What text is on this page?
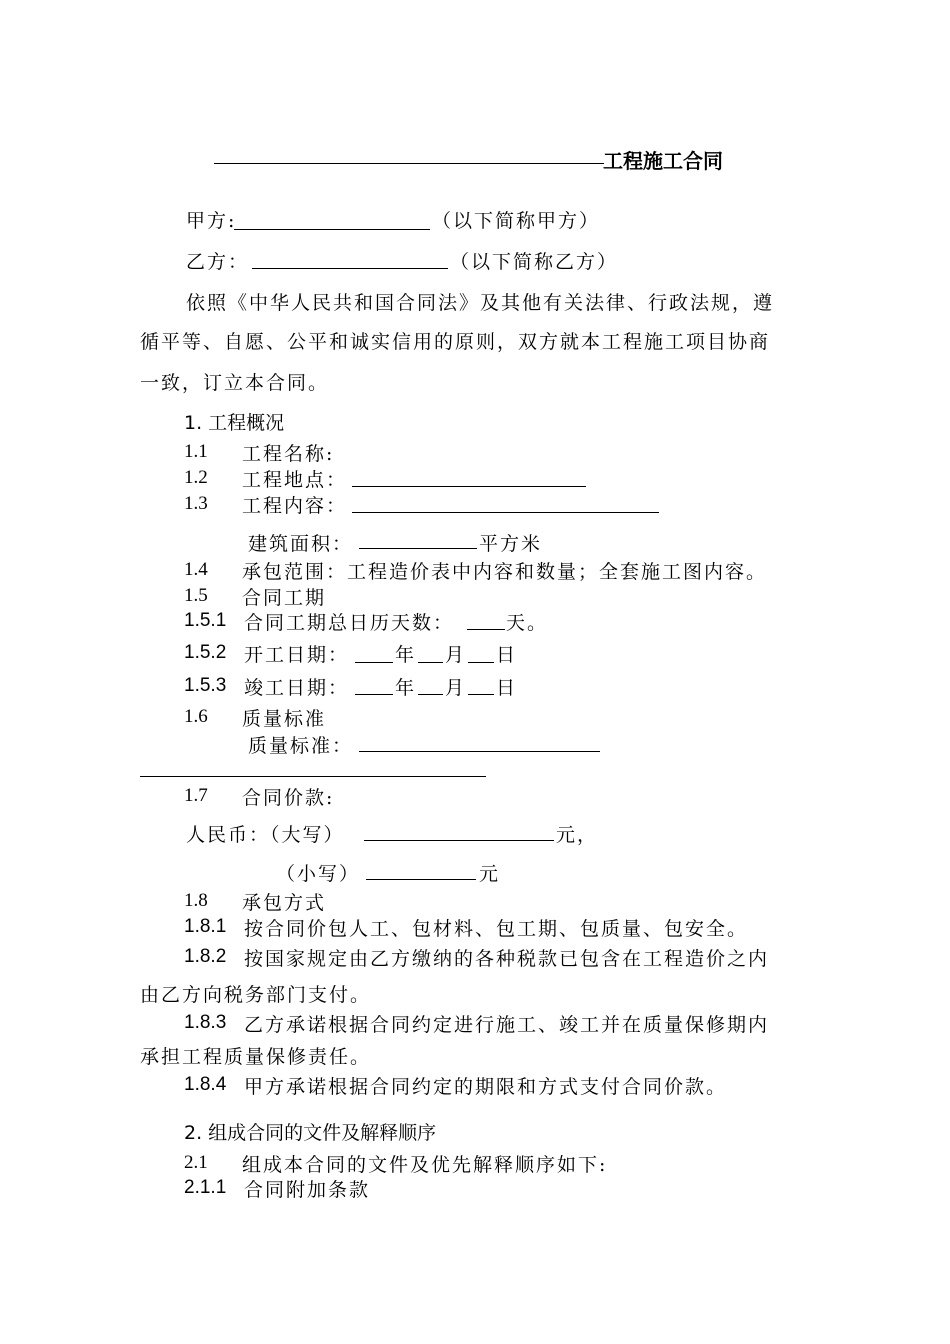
工程施工合同
甲方:	（以下简称甲方）
乙方：	（以下简称乙方）
依照《中华人民共和国合同法》及其他有关法律、行政法规，遵
循平等、自愿、公平和诚实信用的原则，双方就本工程施工项目协商
一致，订立本合同。
1. 工程概况
1.1 工程名称:
1.2 工程地点：
1.3 工程内容：
建筑面积：	平方米
1.4 承包范围：工程造价表中内容和数量；全套施工图内容。
1.5 合同工期
1.5.1 合同工期总日历天数：	天。
1.5.2 开工日期： 年 月 日
1.5.3 竣工日期： 年 月 日
1.6 质量标准
质量标准：
1.7 合同价款:
人民币：（大写）	元，
（小写）	元
1.8 承包方式
1.8.1 按合同价包人工、包材料、包工期、包质量、包安全。
1.8.2 按国家规定由乙方缴纳的各种税款已包含在工程造价之内
由乙方向税务部门支付。
1.8.3 乙方承诺根据合同约定进行施工、竣工并在质量保修期内
承担工程质量保修责任。
1.8.4 甲方承诺根据合同约定的期限和方式支付合同价款。
2. 组成合同的文件及解释顺序
2.1 组成本合同的文件及优先解释顺序如下:
2.1.1 合同附加条款
